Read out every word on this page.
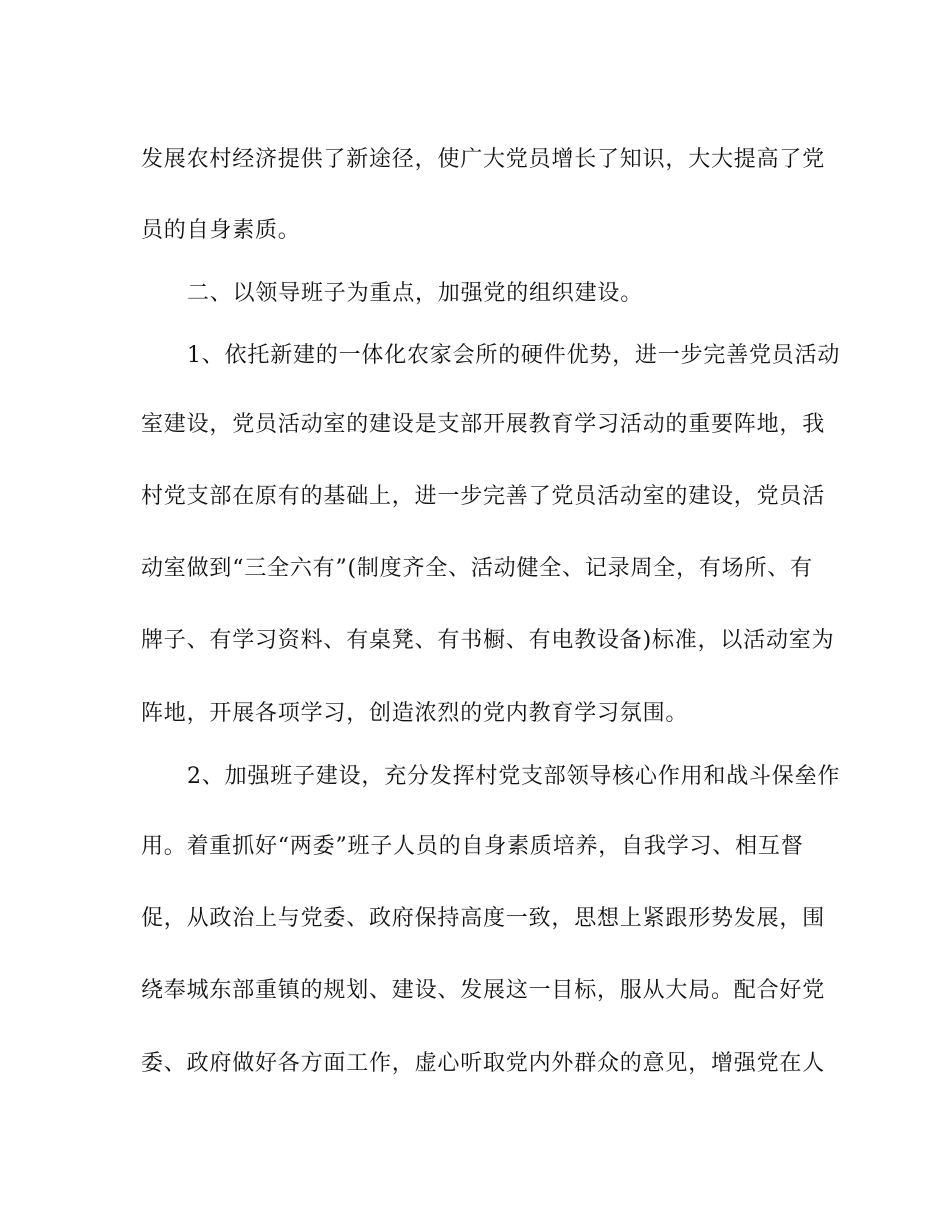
发展农村经济提供了新途径，使广大党员增长了知识，大大提高了党
员的自身素质。
二、以领导班子为重点，加强党的组织建设。
1、依托新建的一体化农家会所的硬件优势，进一步完善党员活动
室建设，党员活动室的建设是支部开展教育学习活动的重要阵地，我
村党支部在原有的基础上，进一步完善了党员活动室的建设，党员活
动室做到“三全六有”(制度齐全、活动健全、记录周全，有场所、有
牌子、有学习资料、有桌凳、有书橱、有电教设备)标准，以活动室为
阵地，开展各项学习，创造浓烈的党内教育学习氛围。
2、加强班子建设，充分发挥村党支部领导核心作用和战斗保垒作
用。着重抓好“两委”班子人员的自身素质培养，自我学习、相互督
促，从政治上与党委、政府保持高度一致，思想上紧跟形势发展，围
绕奉城东部重镇的规划、建设、发展这一目标，服从大局。配合好党
委、政府做好各方面工作，虚心听取党内外群众的意见，增强党在人
